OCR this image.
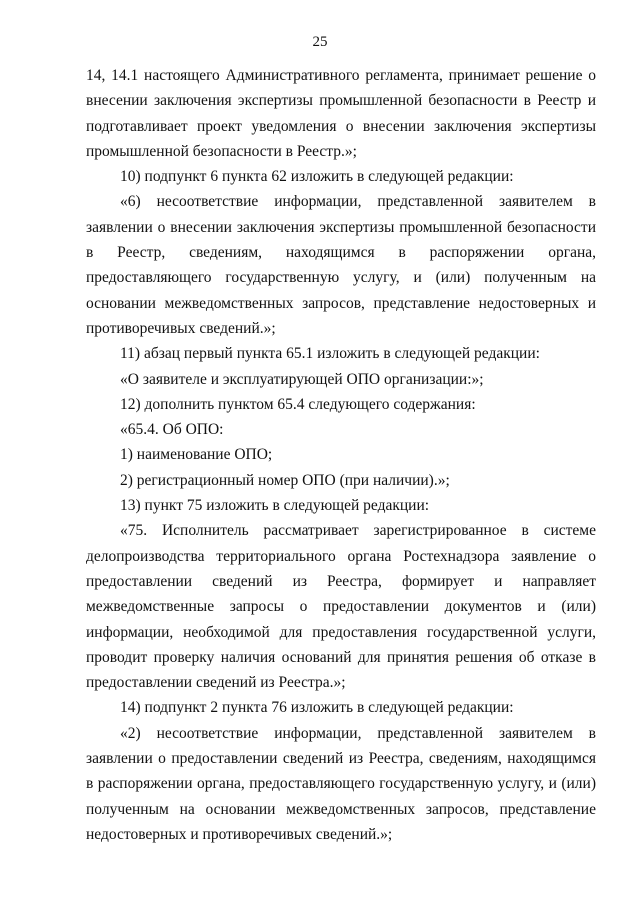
25

14, 14.1 настоящего Административного регламента, принимает решение о внесении заключения экспертизы промышленной безопасности в Реестр и подготавливает проект уведомления о внесении заключения экспертизы промышленной безопасности в Реестр.»;

10) подпункт 6 пункта 62 изложить в следующей редакции:

«6) несоответствие информации, представленной заявителем в заявлении о внесении заключения экспертизы промышленной безопасности в Реестр, сведениям, находящимся в распоряжении органа, предоставляющего государственную услугу, и (или) полученным на основании межведомственных запросов, представление недостоверных и противоречивых сведений.»;

11) абзац первый пункта 65.1 изложить в следующей редакции:

«О заявителе и эксплуатирующей ОПО организации:»;

12) дополнить пунктом 65.4 следующего содержания:

«65.4. Об ОПО:

1) наименование ОПО;

2) регистрационный номер ОПО (при наличии).»;

13) пункт 75 изложить в следующей редакции:

«75. Исполнитель рассматривает зарегистрированное в системе делопроизводства территориального органа Ростехнадзора заявление о предоставлении сведений из Реестра, формирует и направляет межведомственные запросы о предоставлении документов и (или) информации, необходимой для предоставления государственной услуги, проводит проверку наличия оснований для принятия решения об отказе в предоставлении сведений из Реестра.»;

14) подпункт 2 пункта 76 изложить в следующей редакции:

«2) несоответствие информации, представленной заявителем в заявлении о предоставлении сведений из Реестра, сведениям, находящимся в распоряжении органа, предоставляющего государственную услугу, и (или) полученным на основании межведомственных запросов, представление недостоверных и противоречивых сведений.»;
